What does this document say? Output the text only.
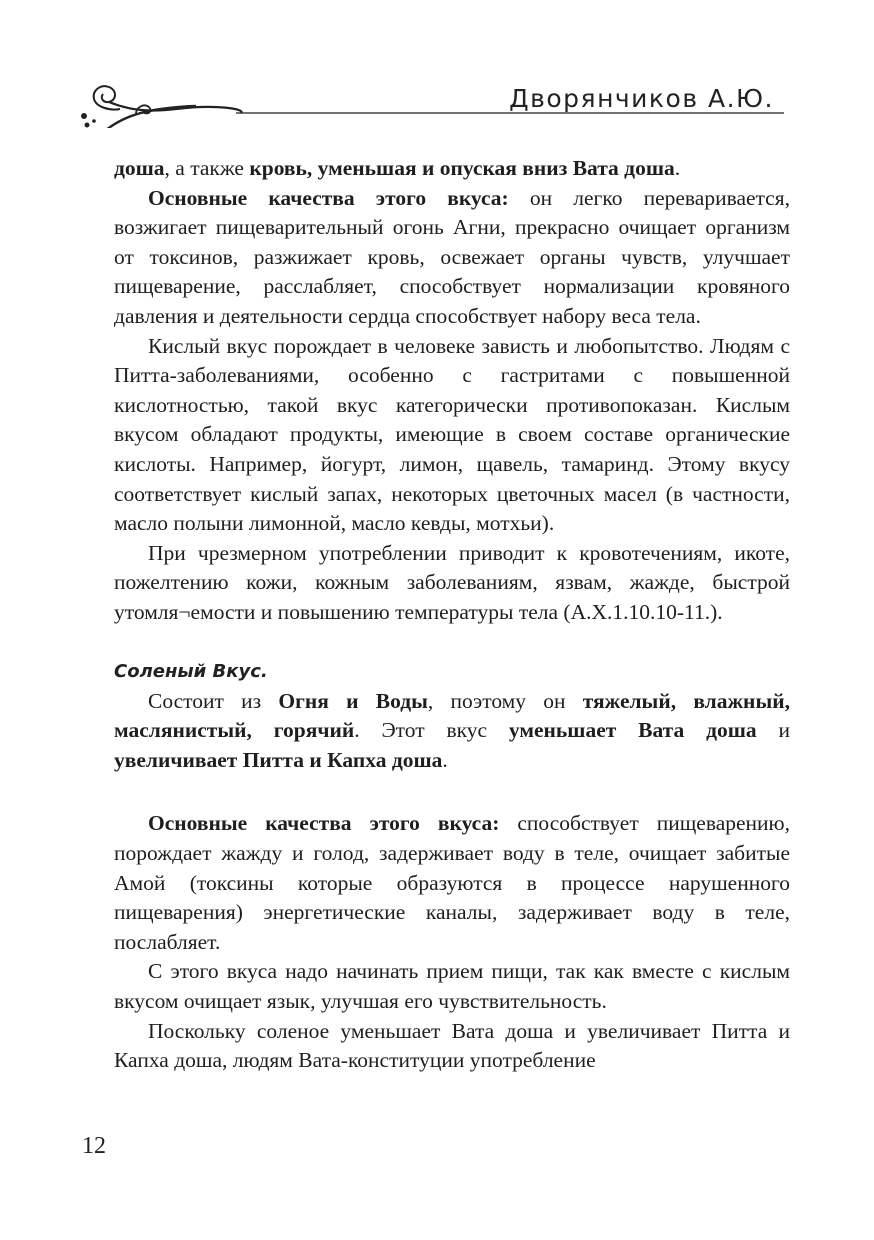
Дворянчиков А.Ю.

доша, а также кровь, уменьшая и опуская вниз Вата доша.

Основные качества этого вкуса: он легко переваривается, возжигает пищеварительный огонь Агни, прекрасно очищает организм от токсинов, разжижает кровь, освежает органы чувств, улучшает пищеварение, расслабляет, способствует нормализации кровяного давления и деятельности сердца способствует набору веса тела.

Кислый вкус порождает в человеке зависть и любопытство. Людям с Питта-заболеваниями, особенно с гастритами с повышенной кислотностью, такой вкус категорически противопоказан. Кислым вкусом обладают продукты, имеющие в своем составе органические кислоты. Например, йогурт, лимон, щавель, тамаринд. Этому вкусу соответствует кислый запах, некоторых цветочных масел (в частности, масло полыни лимонной, масло кевды, мотхьи).

При чрезмерном употреблении приводит к кровотечениям, икоте, пожелтению кожи, кожным заболеваниям, язвам, жажде, быстрой утомля¬емости и повышению температуры тела (А.Х.1.10.10-11.).

Соленый Вкус.

Состоит из Огня и Воды, поэтому он тяжелый, влажный, маслянистый, горячий. Этот вкус уменьшает Вата доша и увеличивает Питта и Капха доша.

Основные качества этого вкуса: способствует пищеварению, порождает жажду и голод, задерживает воду в теле, очищает забитые Амой (токсины которые образуются в процессе нарушенного пищеварения) энергетические каналы, задерживает воду в теле, послабляет.

С этого вкуса надо начинать прием пищи, так как вместе с кислым вкусом очищает язык, улучшая его чувствительность.

Поскольку соленое уменьшает Вата доша и увеличивает Питта и Капха доша, людям Вата-конституции употребление

12
